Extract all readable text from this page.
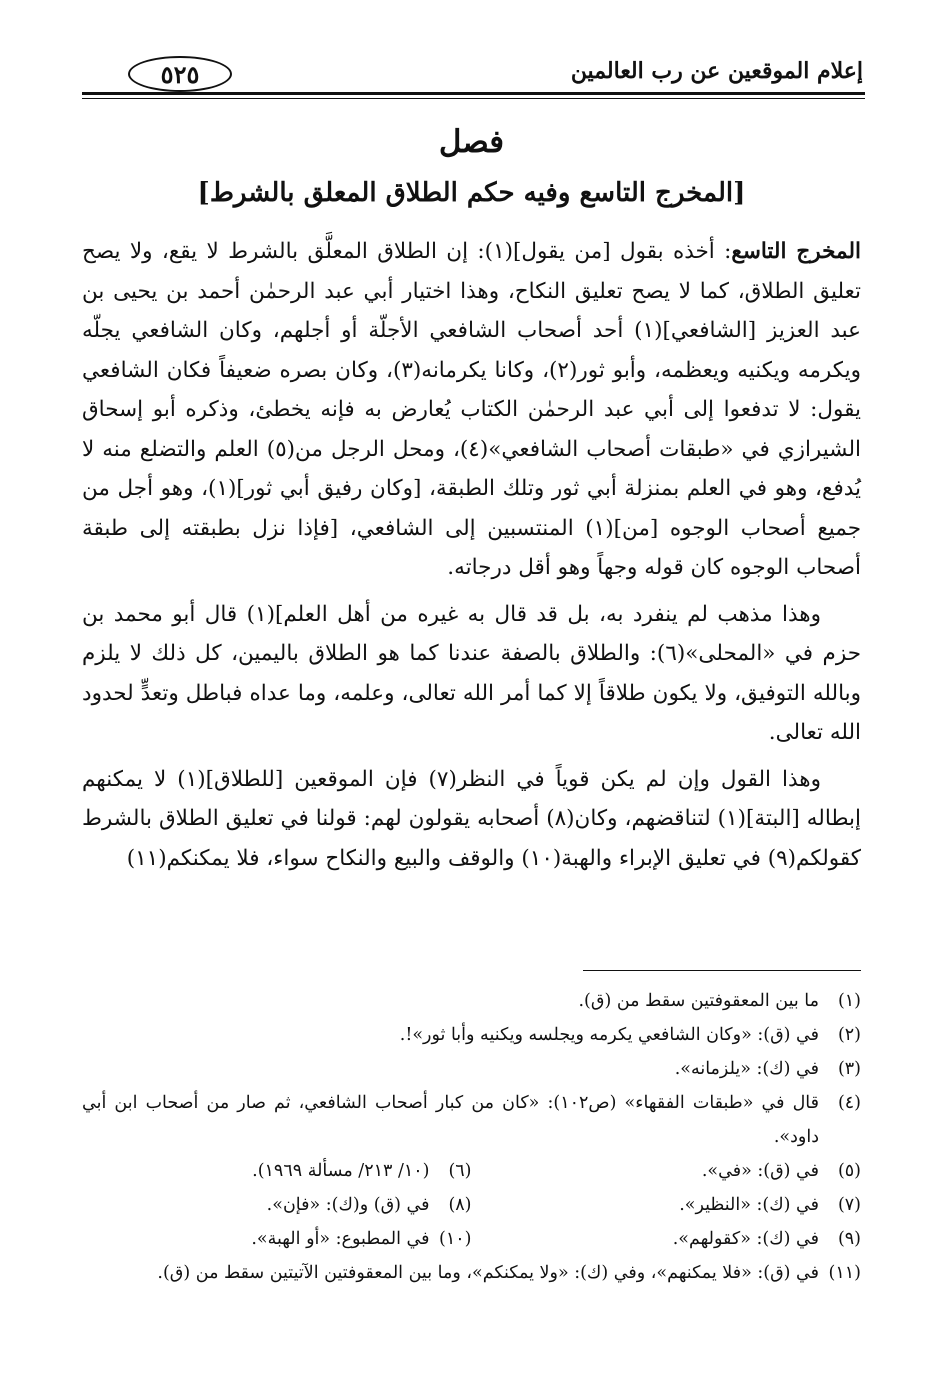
إعلام الموقعين عن رب العالمين
٥٢٥
فصل
[المخرج التاسع وفيه حكم الطلاق المعلق بالشرط]

المخرج التاسع: أخذه بقول [من يقول](١): إن الطلاق المعلَّق بالشرط لا يقع، ولا يصح تعليق الطلاق، كما لا يصح تعليق النكاح، وهذا اختيار أبي عبد الرحمٰن أحمد بن يحيى بن عبد العزيز [الشافعي](١) أحد أصحاب الشافعي الأجلّة أو أجلهم، وكان الشافعي يجلّه ويكرمه ويكنيه ويعظمه، وأبو ثور(٢)، وكانا يكرمانه(٣)، وكان بصره ضعيفاً فكان الشافعي يقول: لا تدفعوا إلى أبي عبد الرحمٰن الكتاب يُعارض به فإنه يخطئ، وذكره أبو إسحاق الشيرازي في «طبقات أصحاب الشافعي»(٤)، ومحل الرجل من(٥) العلم والتضلع منه لا يُدفع، وهو في العلم بمنزلة أبي ثور وتلك الطبقة، [وكان رفيق أبي ثور](١)، وهو أجل من جميع أصحاب الوجوه [من](١) المنتسبين إلى الشافعي، [فإذا نزل بطبقته إلى طبقة أصحاب الوجوه كان قوله وجهاً وهو أقل درجاته.

وهذا مذهب لم ينفرد به، بل قد قال به غيره من أهل العلم](١) قال أبو محمد بن حزم في «المحلى»(٦): والطلاق بالصفة عندنا كما هو الطلاق باليمين، كل ذلك لا يلزم وبالله التوفيق، ولا يكون طلاقاً إلا كما أمر الله تعالى، وعلمه، وما عداه فباطل وتعدٍّ لحدود الله تعالى.

وهذا القول وإن لم يكن قوياً في النظر(٧) فإن الموقعين [للطلاق](١) لا يمكنهم إبطاله [البتة](١) لتناقضهم، وكان(٨) أصحابه يقولون لهم: قولنا في تعليق الطلاق بالشرط كقولكم(٩) في تعليق الإبراء والهبة(١٠) والوقف والبيع والنكاح سواء، فلا يمكنكم(١١)

(١)
ما بين المعقوفتين سقط من (ق).
(٢)
في (ق): «وكان الشافعي يكرمه ويجلسه ويكنيه وأبا ثور»!.
(٣)
في (ك): «يلزمانه».
(٤)
قال في «طبقات الفقهاء» (ص١٠٢): «كان من كبار أصحاب الشافعي، ثم صار من أصحاب ابن أبي داود».
(٥)
في (ق): «في».
(٦)
(١٠/ ٢١٣/ مسألة ١٩٦٩).
(٧)
في (ك): «النظير».
(٨)
في (ق) و(ك): «فإن».
(٩)
في (ك): «كقولهم».
(١٠)
في المطبوع: «أو الهبة».
(١١)
في (ق): «فلا يمكنهم»، وفي (ك): «ولا يمكنكم»، وما بين المعقوفتين الآتيتين سقط من (ق).
